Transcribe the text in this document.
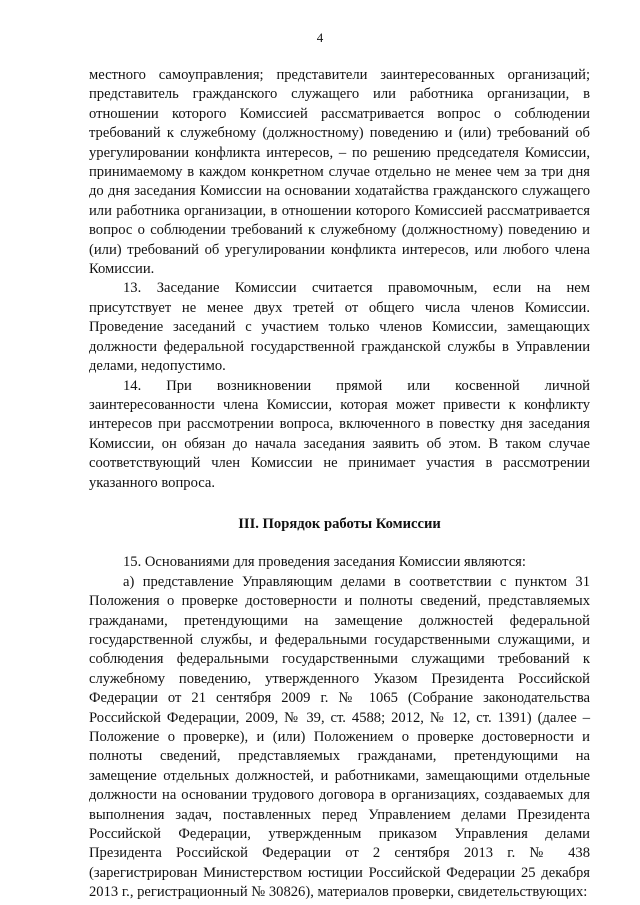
4

местного самоуправления; представители заинтересованных организаций; представитель гражданского служащего или работника организации, в отношении которого Комиссией рассматривается вопрос о соблюдении требований к служебному (должностному) поведению и (или) требований об урегулировании конфликта интересов, – по решению председателя Комиссии, принимаемому в каждом конкретном случае отдельно не менее чем за три дня до дня заседания Комиссии на основании ходатайства гражданского служащего или работника организации, в отношении которого Комиссией рассматривается вопрос о соблюдении требований к служебному (должностному) поведению и (или) требований об урегулировании конфликта интересов, или любого члена Комиссии.

13. Заседание Комиссии считается правомочным, если на нем присутствует не менее двух третей от общего числа членов Комиссии. Проведение заседаний с участием только членов Комиссии, замещающих должности федеральной государственной гражданской службы в Управлении делами, недопустимо.

14. При возникновении прямой или косвенной личной заинтересованности члена Комиссии, которая может привести к конфликту интересов при рассмотрении вопроса, включенного в повестку дня заседания Комиссии, он обязан до начала заседания заявить об этом. В таком случае соответствующий член Комиссии не принимает участия в рассмотрении указанного вопроса.

III. Порядок работы Комиссии

15. Основаниями для проведения заседания Комиссии являются:

а) представление Управляющим делами в соответствии с пунктом 31 Положения о проверке достоверности и полноты сведений, представляемых гражданами, претендующими на замещение должностей федеральной государственной службы, и федеральными государственными служащими, и соблюдения федеральными государственными служащими требований к служебному поведению, утвержденного Указом Президента Российской Федерации от 21 сентября 2009 г. № 1065 (Собрание законодательства Российской Федерации, 2009, № 39, ст. 4588; 2012, № 12, ст. 1391) (далее – Положение о проверке), и (или) Положением о проверке достоверности и полноты сведений, представляемых гражданами, претендующими на замещение отдельных должностей, и работниками, замещающими отдельные должности на основании трудового договора в организациях, создаваемых для выполнения задач, поставленных перед Управлением делами Президента Российской Федерации, утвержденным приказом Управления делами Президента Российской Федерации от 2 сентября 2013 г. № 438 (зарегистрирован Министерством юстиции Российской Федерации 25 декабря 2013 г., регистрационный № 30826), материалов проверки, свидетельствующих:
